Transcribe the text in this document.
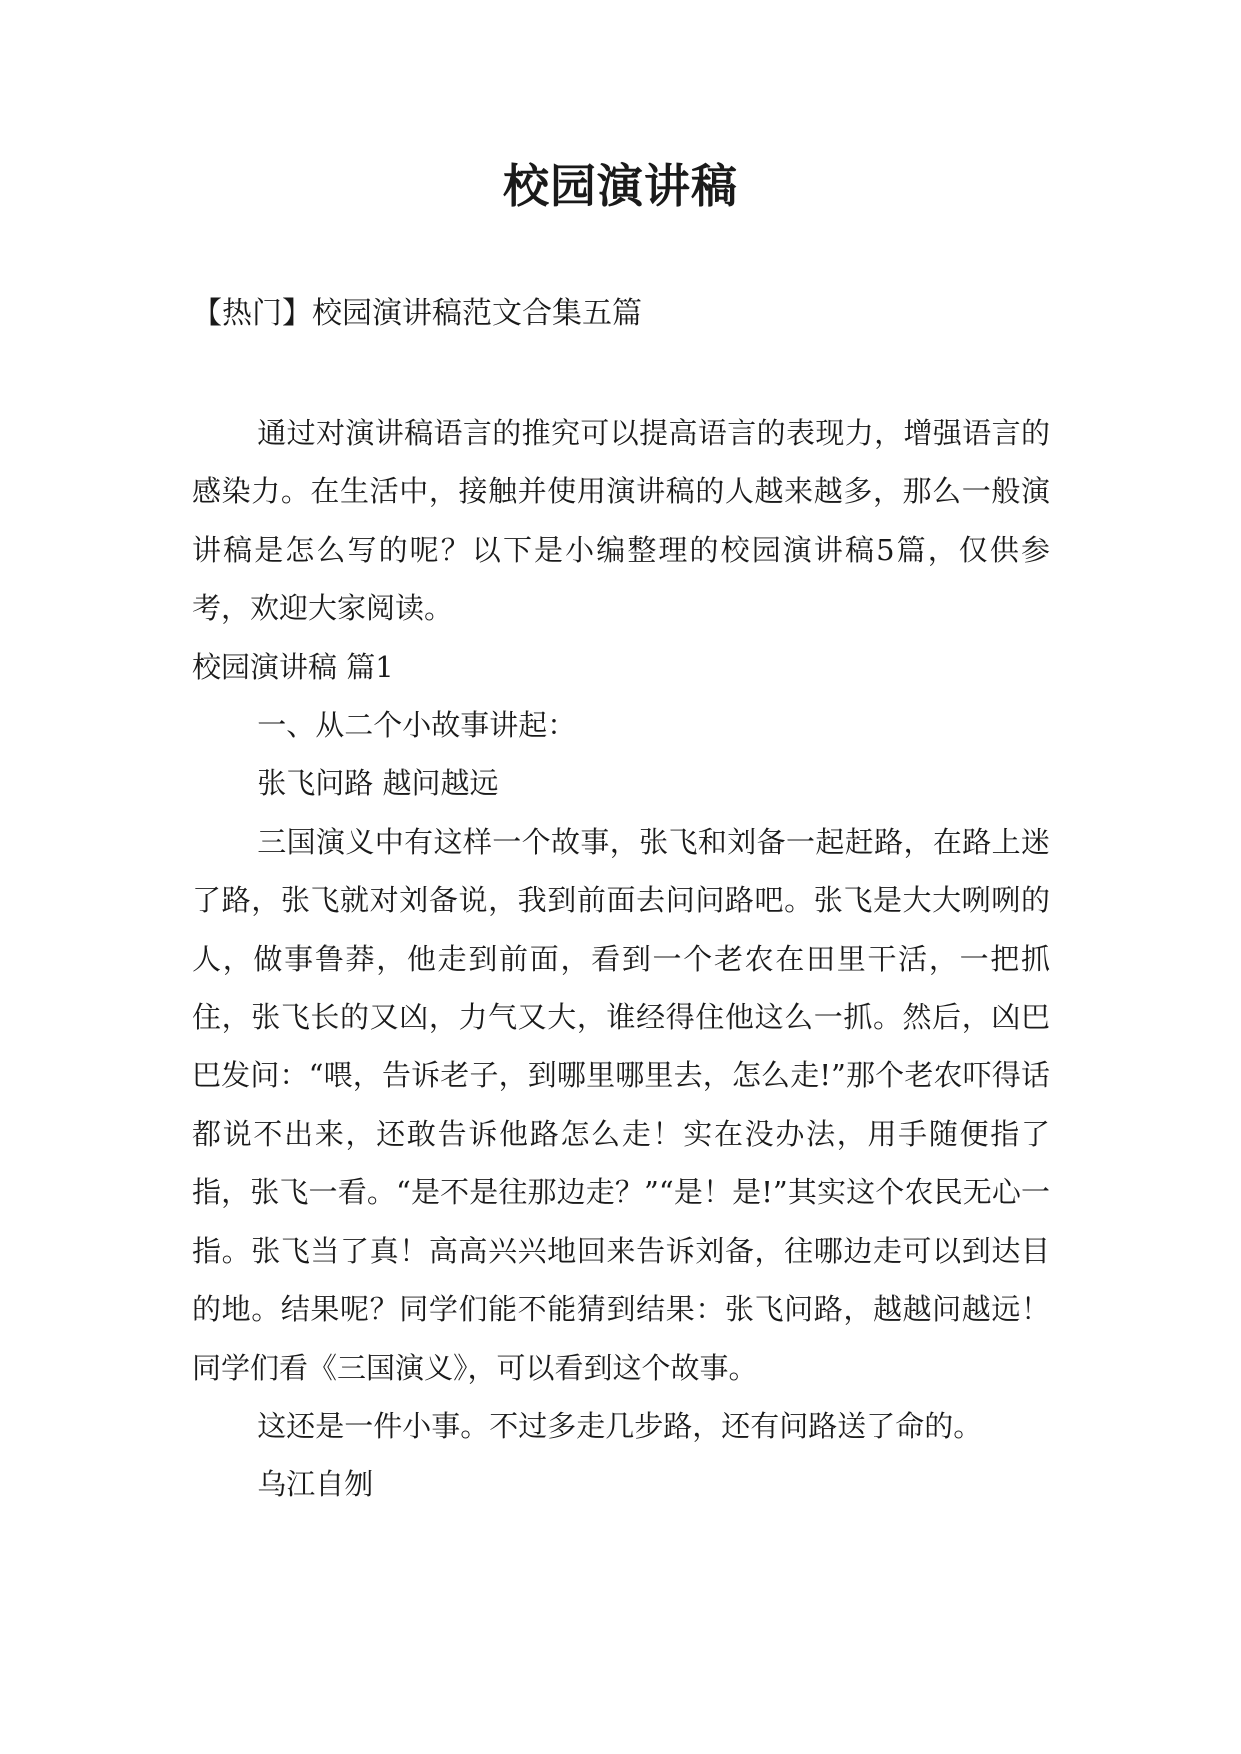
校园演讲稿
【热门】校园演讲稿范文合集五篇

通过对演讲稿语言的推究可以提高语言的表现力，增强语言的感染力。在生活中，接触并使用演讲稿的人越来越多，那么一般演讲稿是怎么写的呢？以下是小编整理的校园演讲稿5篇，仅供参考，欢迎大家阅读。

校园演讲稿 篇1

一、从二个小故事讲起：

张飞问路 越问越远

三国演义中有这样一个故事，张飞和刘备一起赶路，在路上迷了路，张飞就对刘备说，我到前面去问问路吧。张飞是大大咧咧的人，做事鲁莽，他走到前面，看到一个老农在田里干活，一把抓住，张飞长的又凶，力气又大，谁经得住他这么一抓。然后，凶巴巴发问：“喂，告诉老子，到哪里哪里去，怎么走!”那个老农吓得话都说不出来，还敢告诉他路怎么走！实在没办法，用手随便指了指，张飞一看。“是不是往那边走？”“是！是!”其实这个农民无心一指。张飞当了真！高高兴兴地回来告诉刘备，往哪边走可以到达目的地。结果呢？同学们能不能猜到结果：张飞问路，越越问越远！同学们看《三国演义》，可以看到这个故事。

这还是一件小事。不过多走几步路，还有问路送了命的。

乌江自刎
